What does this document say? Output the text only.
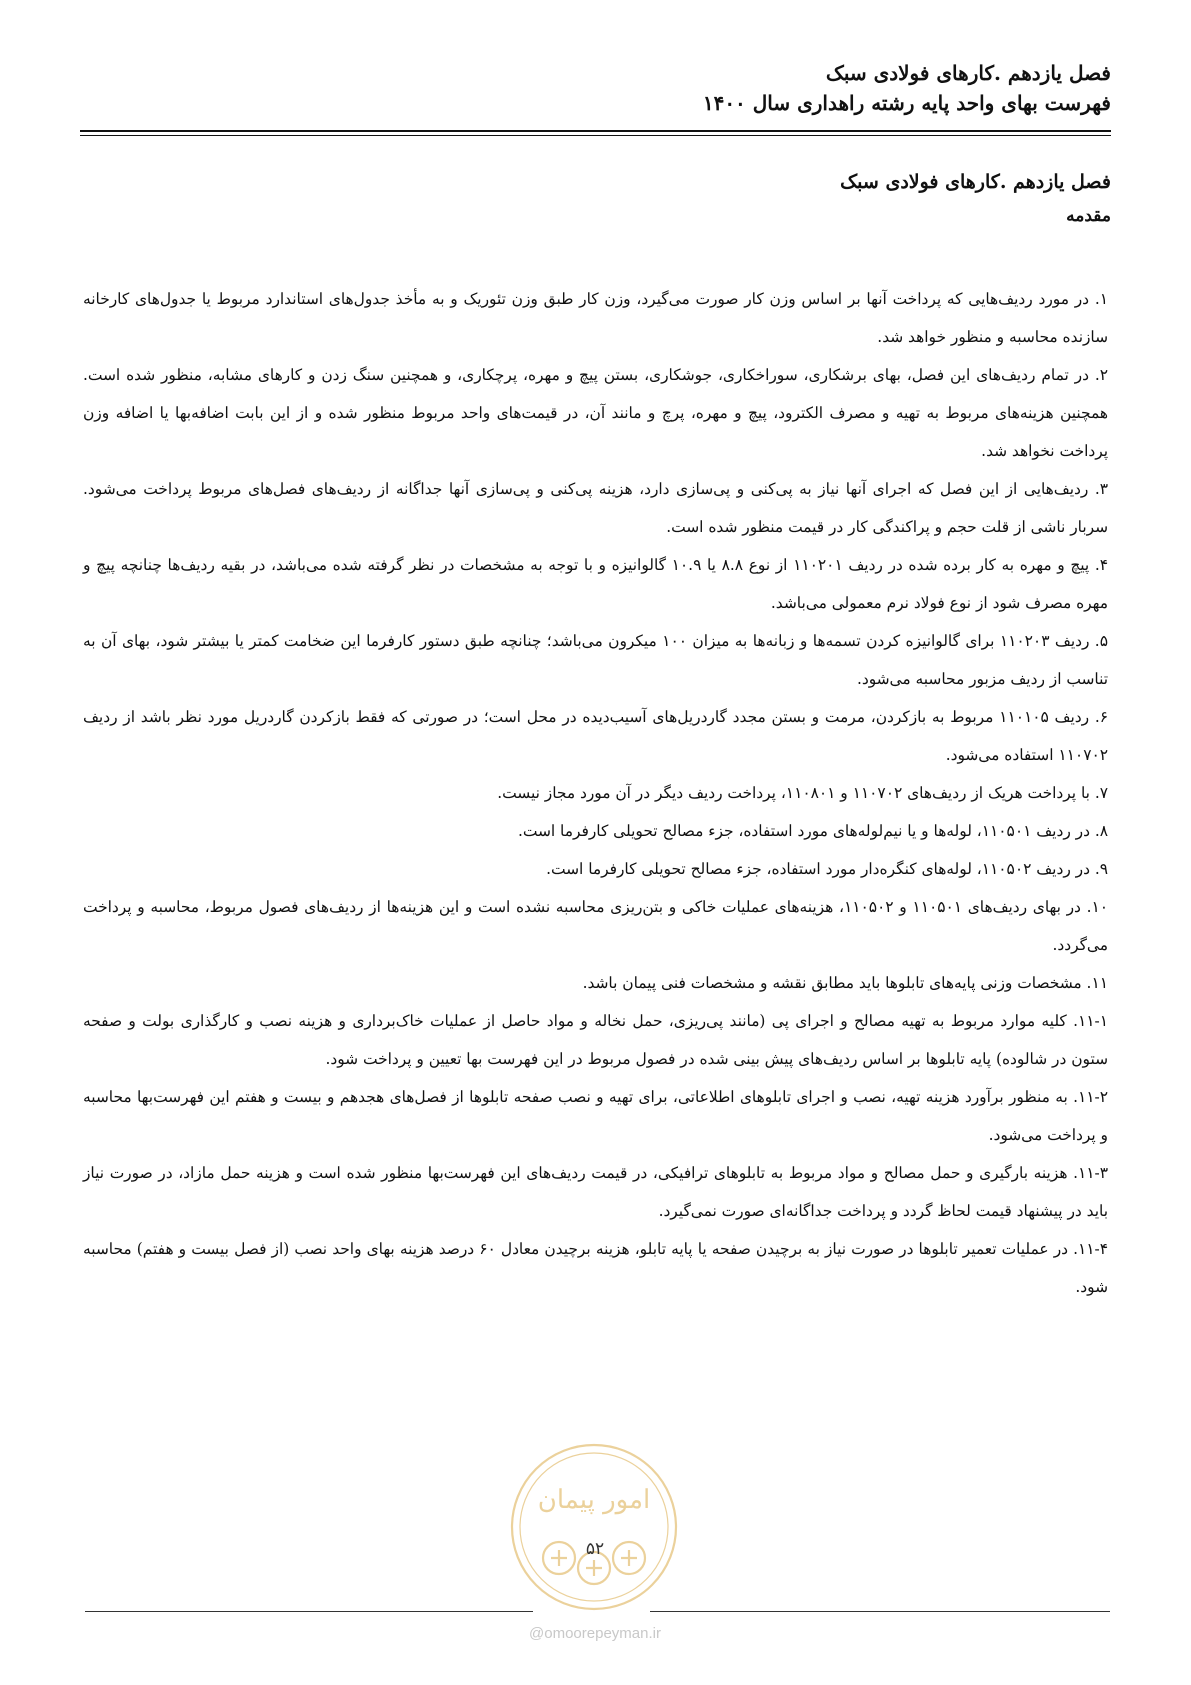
فصل یازدهم .کارهای فولادی سبک
فهرست بهای واحد پایه رشته راهداری سال ۱۴۰۰
فصل یازدهم .کارهای فولادی سبک
مقدمه

۱. در مورد ردیف‌هایی که پرداخت آنها بر اساس وزن کار صورت می‌گیرد، وزن کار طبق وزن تئوریک و به مأخذ جدول‌های استاندارد مربوط یا جدول‌های کارخانه سازنده محاسبه و منظور خواهد شد.

۲. در تمام ردیف‌های این فصل، بهای برشکاری، سوراخکاری، جوشکاری، بستن پیچ و مهره، پرچکاری، و همچنین سنگ زدن و کارهای مشابه، منظور شده است. همچنین هزینه‌های مربوط به تهیه و مصرف الکترود، پیچ و مهره، پرچ و مانند آن، در قیمت‌های واحد مربوط منظور شده و از این بابت اضافه‌بها یا اضافه وزن پرداخت نخواهد شد.

۳. ردیف‌هایی از این فصل که اجرای آنها نیاز به پی‌کنی و پی‌سازی دارد، هزینه پی‌کنی و پی‌سازی آنها جداگانه از ردیف‌های فصل‌های مربوط پرداخت می‌شود. سربار ناشی از قلت حجم و پراکندگی کار در قیمت منظور شده است.

۴. پیچ و مهره به کار برده شده در ردیف ۱۱۰۲۰۱ از نوع ۸.۸ یا ۱۰.۹ گالوانیزه و با توجه به مشخصات در نظر گرفته شده می‌باشد، در بقیه ردیف‌ها چنانچه پیچ و مهره مصرف شود از نوع فولاد نرم معمولی می‌باشد.

۵. ردیف ۱۱۰۲۰۳ برای گالوانیزه کردن تسمه‌ها و زبانه‌ها به میزان ۱۰۰ میکرون می‌باشد؛ چنانچه طبق دستور کارفرما این ضخامت کمتر یا بیشتر شود، بهای آن به تناسب از ردیف مزبور محاسبه می‌شود.

۶. ردیف ۱۱۰۱۰۵ مربوط به بازکردن، مرمت و بستن مجدد گاردریل‌های آسیب‌دیده در محل است؛ در صورتی که فقط بازکردن گاردریل مورد نظر باشد از ردیف ۱۱۰۷۰۲ استفاده می‌شود.

۷. با پرداخت هریک از ردیف‌های ۱۱۰۷۰۲ و ۱۱۰۸۰۱، پرداخت ردیف دیگر در آن مورد مجاز نیست.

۸. در ردیف ۱۱۰۵۰۱، لوله‌ها و یا نیم‌لوله‌های مورد استفاده، جزء مصالح تحویلی کارفرما است.

۹. در ردیف ۱۱۰۵۰۲، لوله‌های کنگره‌دار مورد استفاده، جزء مصالح تحویلی کارفرما است.

۱۰. در بهای ردیف‌های ۱۱۰۵۰۱ و ۱۱۰۵۰۲، هزینه‌های عملیات خاکی و بتن‌ریزی محاسبه نشده است و این هزینه‌ها از ردیف‌های فصول مربوط، محاسبه و پرداخت می‌گردد.

۱۱. مشخصات وزنی پایه‌های تابلوها باید مطابق نقشه و مشخصات فنی پیمان باشد.

۱۱-۱. کلیه موارد مربوط به تهیه مصالح و اجرای پی (مانند پی‌ریزی، حمل نخاله و مواد حاصل از عملیات خاک‌برداری و هزینه نصب و کارگذاری بولت و صفحه ستون در شالوده) پایه تابلوها بر اساس ردیف‌های پیش بینی شده در فصول مربوط در این فهرست بها تعیین و پرداخت شود.

۱۱-۲. به منظور برآورد هزینه تهیه، نصب و اجرای تابلوهای اطلاعاتی، برای تهیه و نصب صفحه تابلوها از فصل‌های هجدهم و بیست و هفتم این فهرست‌بها محاسبه و پرداخت می‌شود.

۱۱-۳. هزینه بارگیری و حمل مصالح و مواد مربوط به تابلوهای ترافیکی، در قیمت ردیف‌های این فهرست‌بها منظور شده است و هزینه حمل مازاد، در صورت نیاز باید در پیشنهاد قیمت لحاظ گردد و پرداخت جداگانه‌ای صورت نمی‌گیرد.

۱۱-۴. در عملیات تعمیر تابلوها در صورت نیاز به برچیدن صفحه یا پایه تابلو، هزینه برچیدن معادل ۶۰ درصد هزینه بهای واحد نصب (از فصل بیست و هفتم) محاسبه شود.

امور پیمان
۵۲
@omoorepeyman.ir
